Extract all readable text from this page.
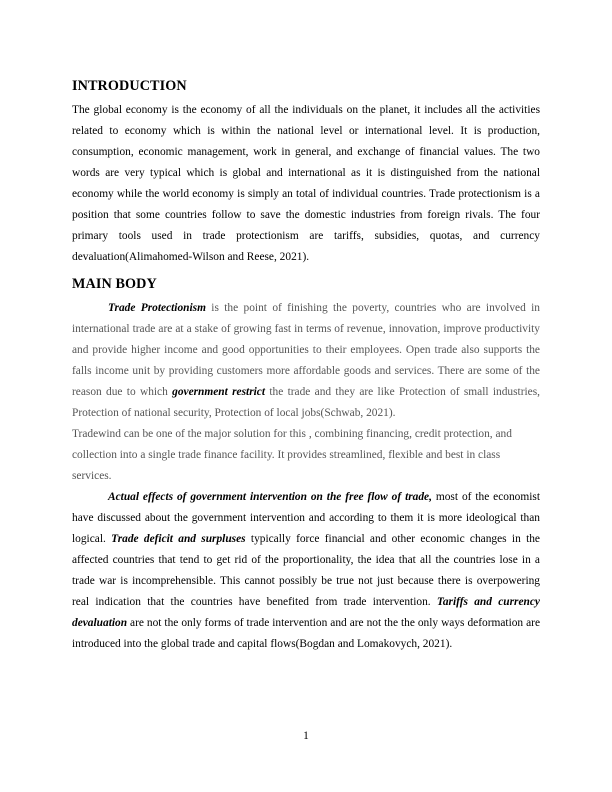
INTRODUCTION

The global economy is the economy of all the individuals on the planet, it includes all the activities related to economy which is within the national level or international level. It is production, consumption, economic management, work in general, and exchange of financial values. The two words are very typical which is global and international as it is distinguished from the national economy while the world economy is simply an total of individual countries. Trade protectionism is a position that some countries follow to save the domestic industries from foreign rivals. The four primary tools used in trade protectionism are tariffs, subsidies, quotas, and currency devaluation(Alimahomed-Wilson and Reese, 2021).

MAIN BODY

Trade Protectionism is the point of finishing the poverty, countries who are involved in international trade are at a stake of growing fast in terms of revenue, innovation, improve productivity and provide higher income and good opportunities to their employees. Open trade also supports the falls income unit by providing customers more affordable goods and services. There are some of the reason due to which government restrict the trade and they are like Protection of small industries, Protection of national security, Protection of local jobs(Schwab, 2021).

Tradewind can be one of the major solution for this , combining financing, credit protection, and collection into a single trade finance facility. It provides streamlined, flexible and best in class services.

Actual effects of government intervention on the free flow of trade, most of the economist have discussed about the government intervention and according to them it is more ideological than logical. Trade deficit and surpluses typically force financial and other economic changes in the affected countries that tend to get rid of the proportionality, the idea that all the countries lose in a trade war is incomprehensible. This cannot possibly be true not just because there is overpowering real indication that the countries have benefited from trade intervention. Tariffs and currency devaluation are not the only forms of trade intervention and are not the the only ways deformation are introduced into the global trade and capital flows(Bogdan and Lomakovych, 2021).

1
